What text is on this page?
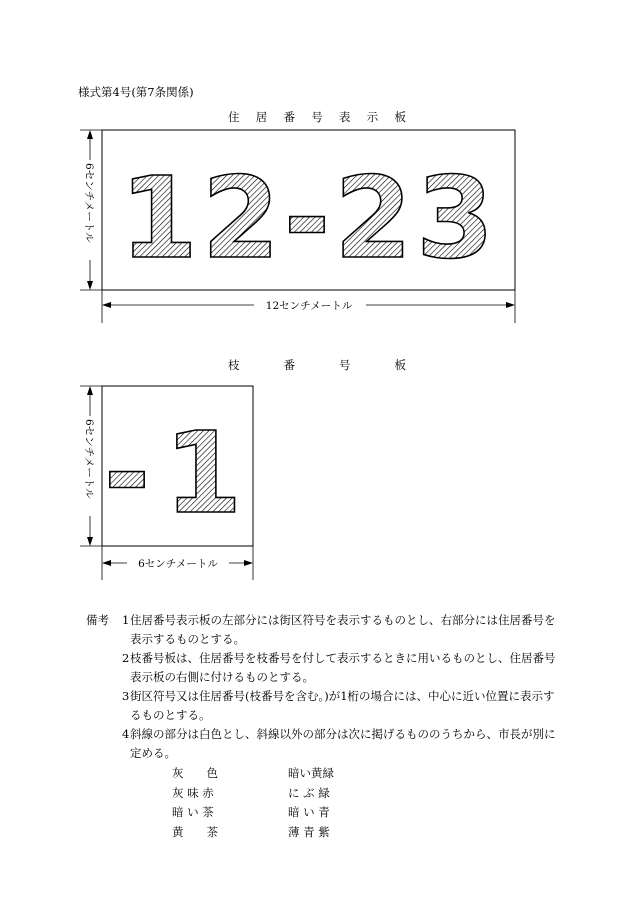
様式第4号(第7条関係)
住 居 番 号 表 示 板
枝	番	号	板
12-23
6センチメートル
12センチメートル
-1
6センチメートル
6センチメートル
備考 1 住居番号表示板の左部分には街区符号を表示するものとし、右部分には住居番号を表示するものとする。
2 枝番号板は、住居番号を枝番号を付して表示するときに用いるものとし、住居番号表示板の右側に付けるものとする。
3 街区符号又は住居番号(枝番号を含む。)が1桁の場合には、中心に近い位置に表示するものとする。
4 斜線の部分は白色とし、斜線以外の部分は次に掲げるもののうちから、市長が別に定める。
灰　　色	暗い黄緑
灰 味 赤	に ぶ 緑
暗 い 茶	暗 い 青
黄　　茶	薄 青 紫
